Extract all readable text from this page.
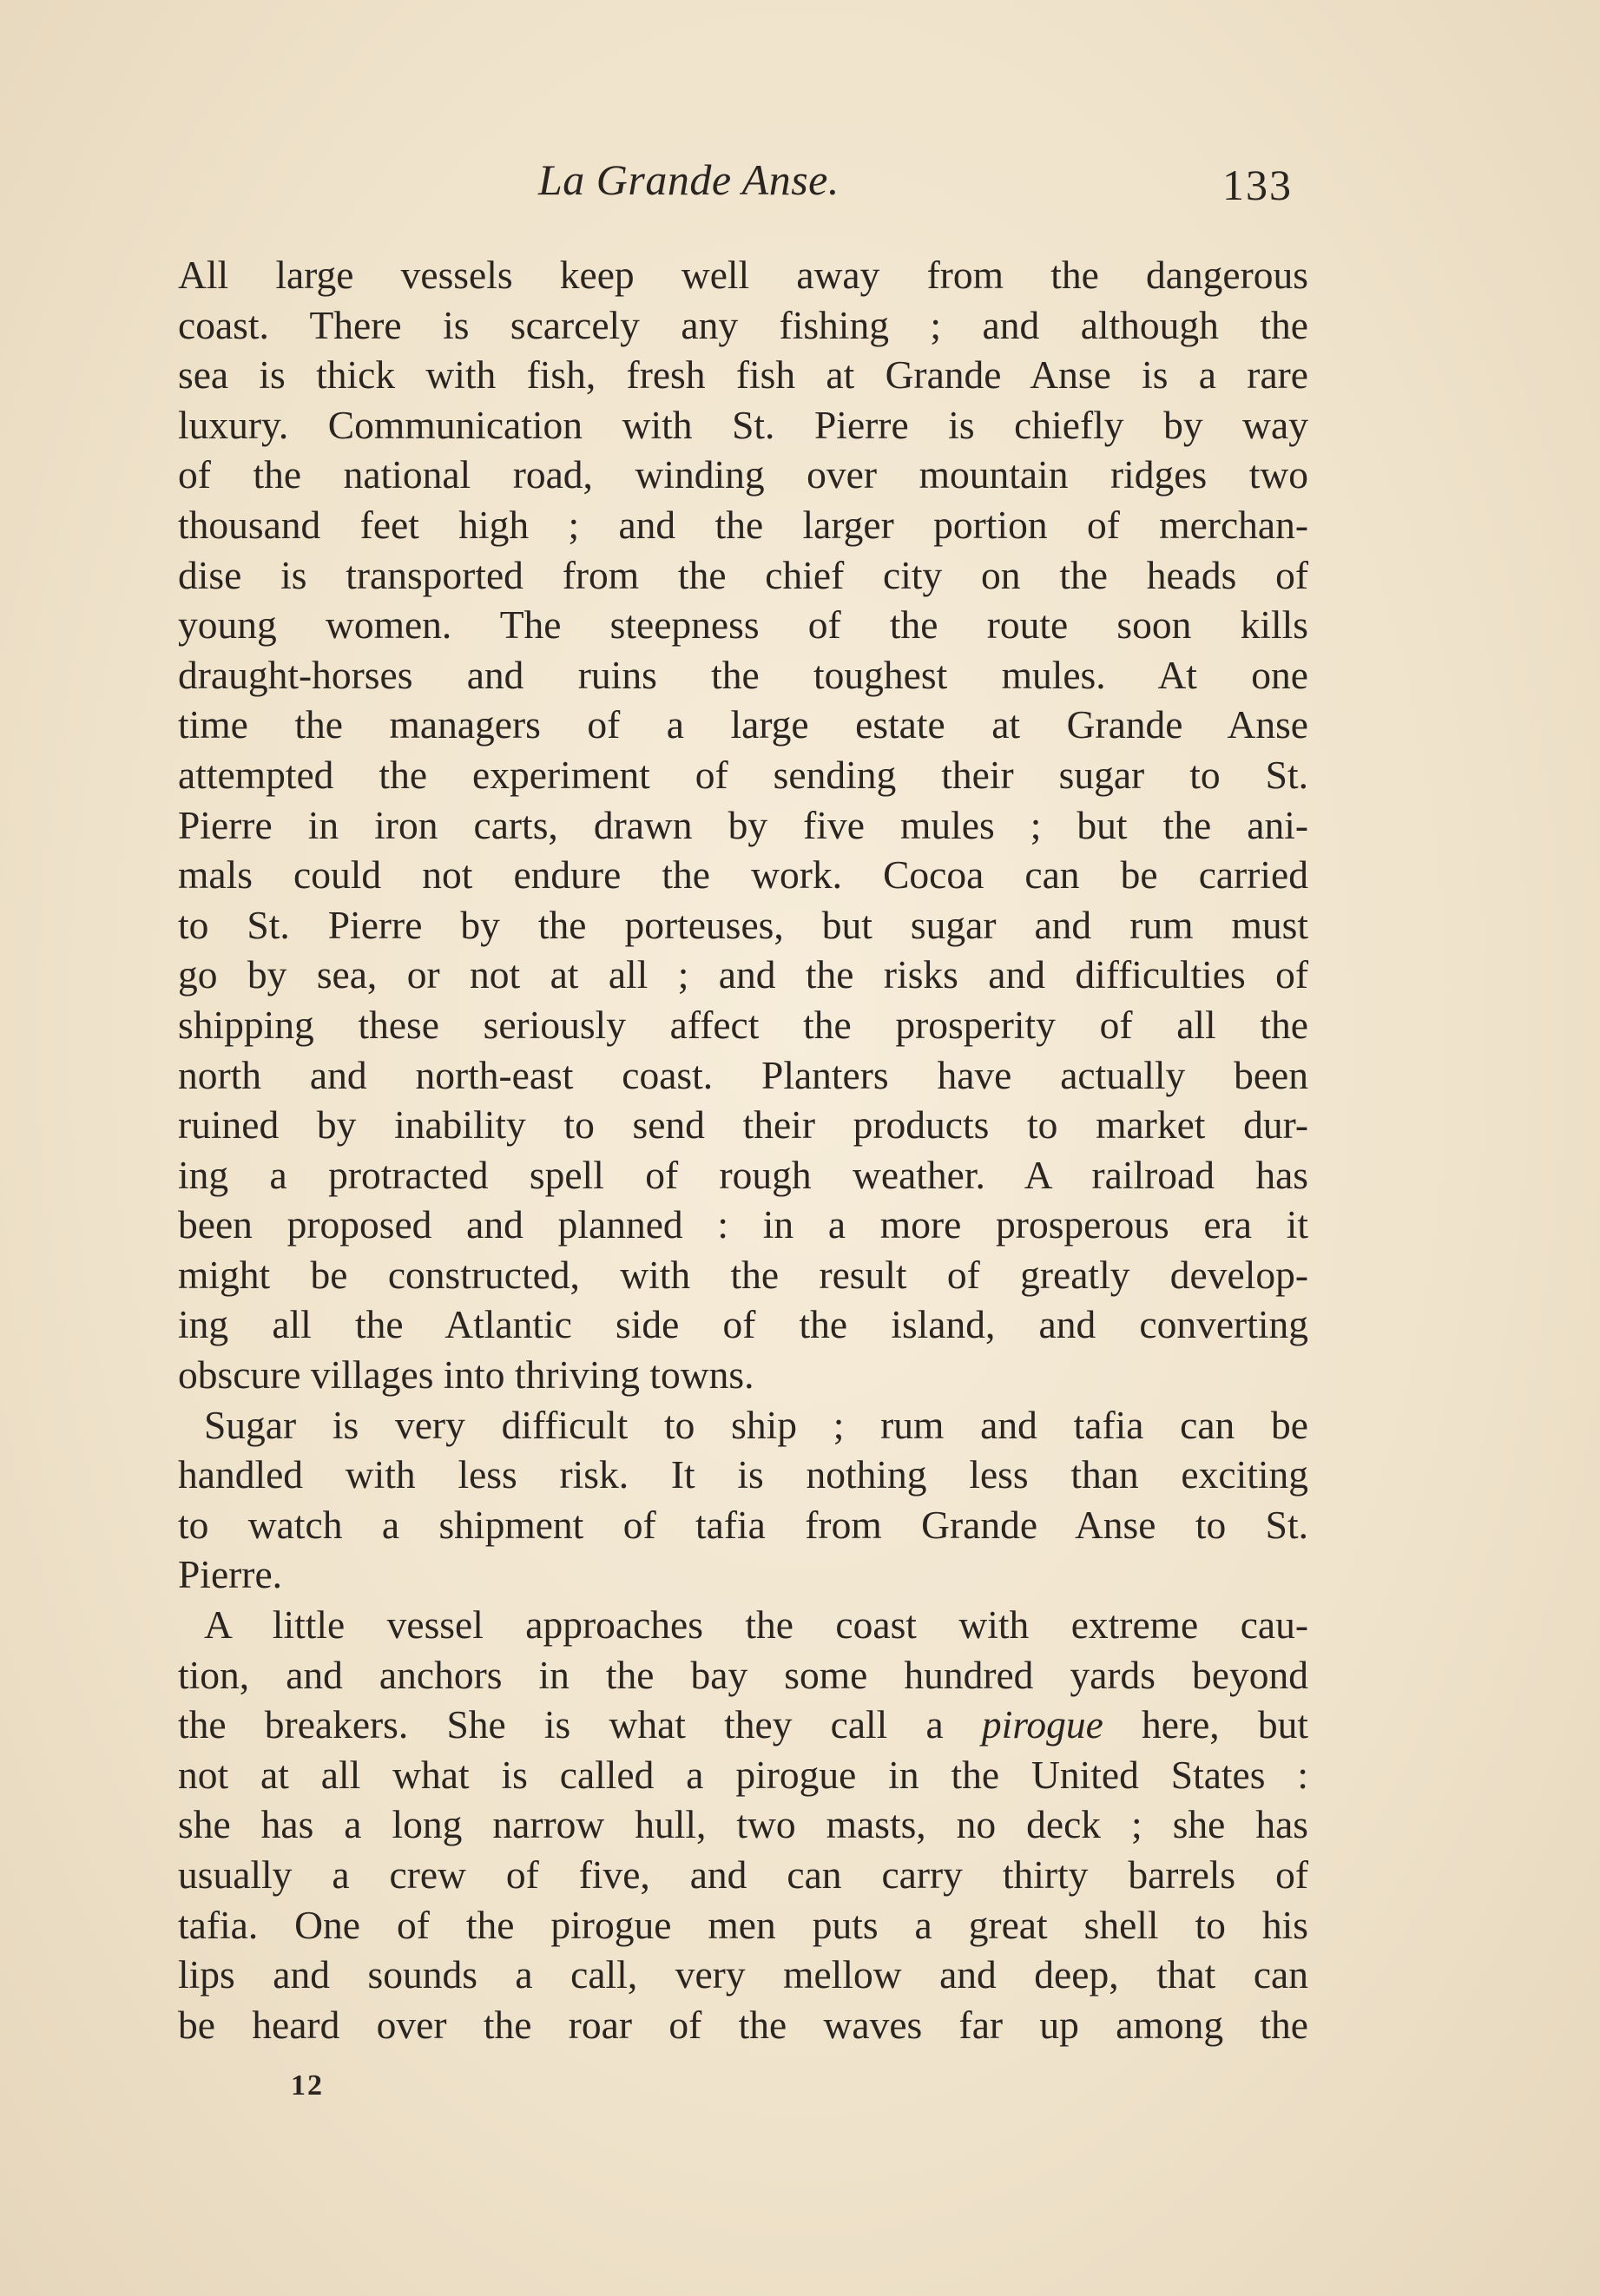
La Grande Anse.	133
All large vessels keep well away from the dangerous
coast. There is scarcely any fishing ; and although the
sea is thick with fish, fresh fish at Grande Anse is a rare
luxury. Communication with St. Pierre is chiefly by way
of the national road, winding over mountain ridges two
thousand feet high ; and the larger portion of merchan-
dise is transported from the chief city on the heads of
young women. The steepness of the route soon kills
draught-horses and ruins the toughest mules. At one
time the managers of a large estate at Grande Anse
attempted the experiment of sending their sugar to St.
Pierre in iron carts, drawn by five mules ; but the ani-
mals could not endure the work. Cocoa can be carried
to St. Pierre by the porteuses, but sugar and rum must
go by sea, or not at all ; and the risks and difficulties of
shipping these seriously affect the prosperity of all the
north and north-east coast. Planters have actually been
ruined by inability to send their products to market dur-
ing a protracted spell of rough weather. A railroad has
been proposed and planned : in a more prosperous era it
might be constructed, with the result of greatly develop-
ing all the Atlantic side of the island, and converting
obscure villages into thriving towns.
Sugar is very difficult to ship ; rum and tafia can be
handled with less risk. It is nothing less than exciting
to watch a shipment of tafia from Grande Anse to St.
Pierre.
A little vessel approaches the coast with extreme cau-
tion, and anchors in the bay some hundred yards beyond
the breakers. She is what they call a pirogue here, but
not at all what is called a pirogue in the United States :
she has a long narrow hull, two masts, no deck ; she has
usually a crew of five, and can carry thirty barrels of
tafia. One of the pirogue men puts a great shell to his
lips and sounds a call, very mellow and deep, that can
be heard over the roar of the waves far up among the
12
